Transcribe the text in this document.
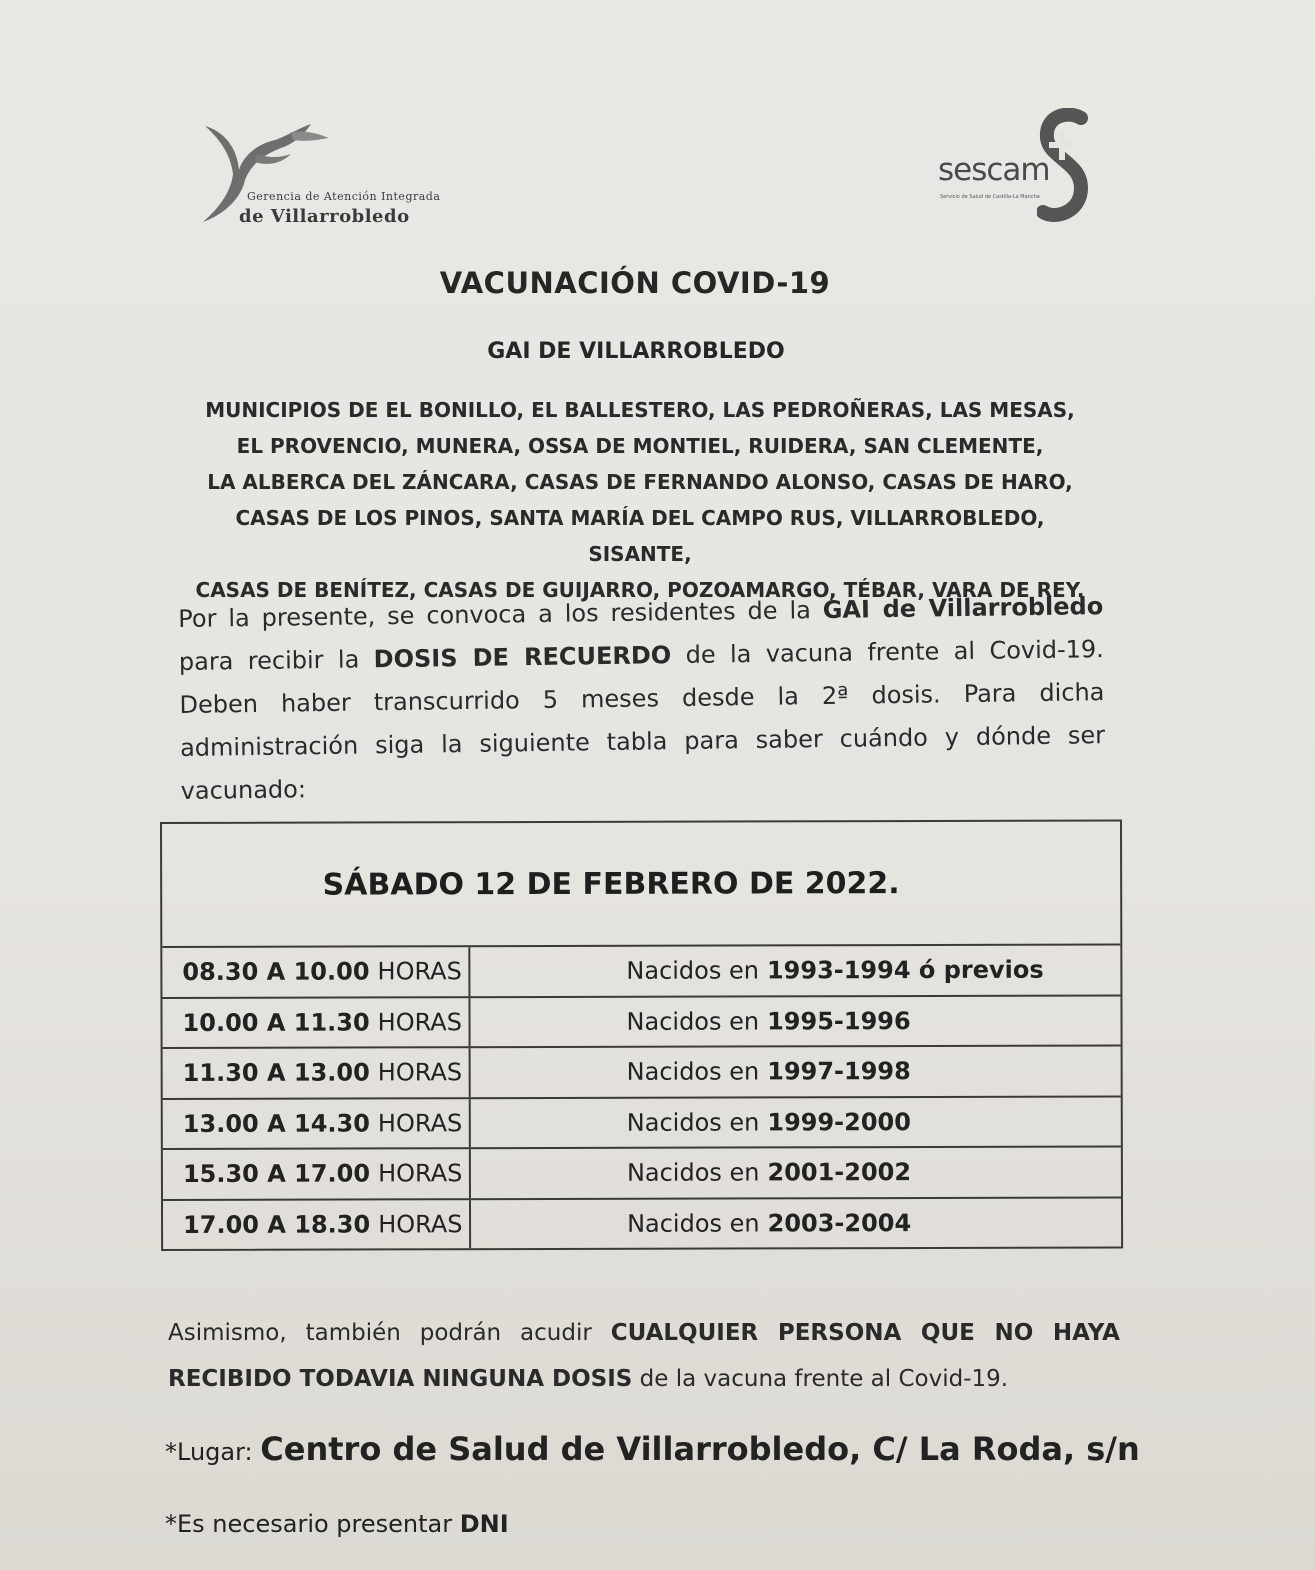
Gerencia de Atención Integrada
de Villarrobledo
sescam
Servicio de Salud de Castilla-La Mancha
VACUNACIÓN COVID-19
GAI DE VILLARROBLEDO
MUNICIPIOS DE EL BONILLO, EL BALLESTERO, LAS PEDROÑERAS, LAS MESAS,
EL PROVENCIO, MUNERA, OSSA DE MONTIEL, RUIDERA, SAN CLEMENTE,
LA ALBERCA DEL ZÁNCARA, CASAS DE FERNANDO ALONSO, CASAS DE HARO,
CASAS DE LOS PINOS, SANTA MARÍA DEL CAMPO RUS, VILLARROBLEDO, SISANTE,
CASAS DE BENÍTEZ, CASAS DE GUIJARRO, POZOAMARGO, TÉBAR, VARA DE REY.
Por la presente, se convoca a los residentes de la GAI de Villarrobledo para recibir la DOSIS DE RECUERDO de la vacuna frente al Covid-19. Deben haber transcurrido 5 meses desde la 2ª dosis. Para dicha administración siga la siguiente tabla para saber cuándo y dónde ser vacunado:
SÁBADO 12 DE FEBRERO DE 2022.
08.30 A 10.00 HORAS	Nacidos en 1993-1994 ó previos
10.00 A 11.30 HORAS	Nacidos en 1995-1996
11.30 A 13.00 HORAS	Nacidos en 1997-1998
13.00 A 14.30 HORAS	Nacidos en 1999-2000
15.30 A 17.00 HORAS	Nacidos en 2001-2002
17.00 A 18.30 HORAS	Nacidos en 2003-2004
Asimismo, también podrán acudir CUALQUIER PERSONA QUE NO HAYA RECIBIDO TODAVIA NINGUNA DOSIS de la vacuna frente al Covid-19.
*Lugar: Centro de Salud de Villarrobledo, C/ La Roda, s/n
*Es necesario presentar DNI
